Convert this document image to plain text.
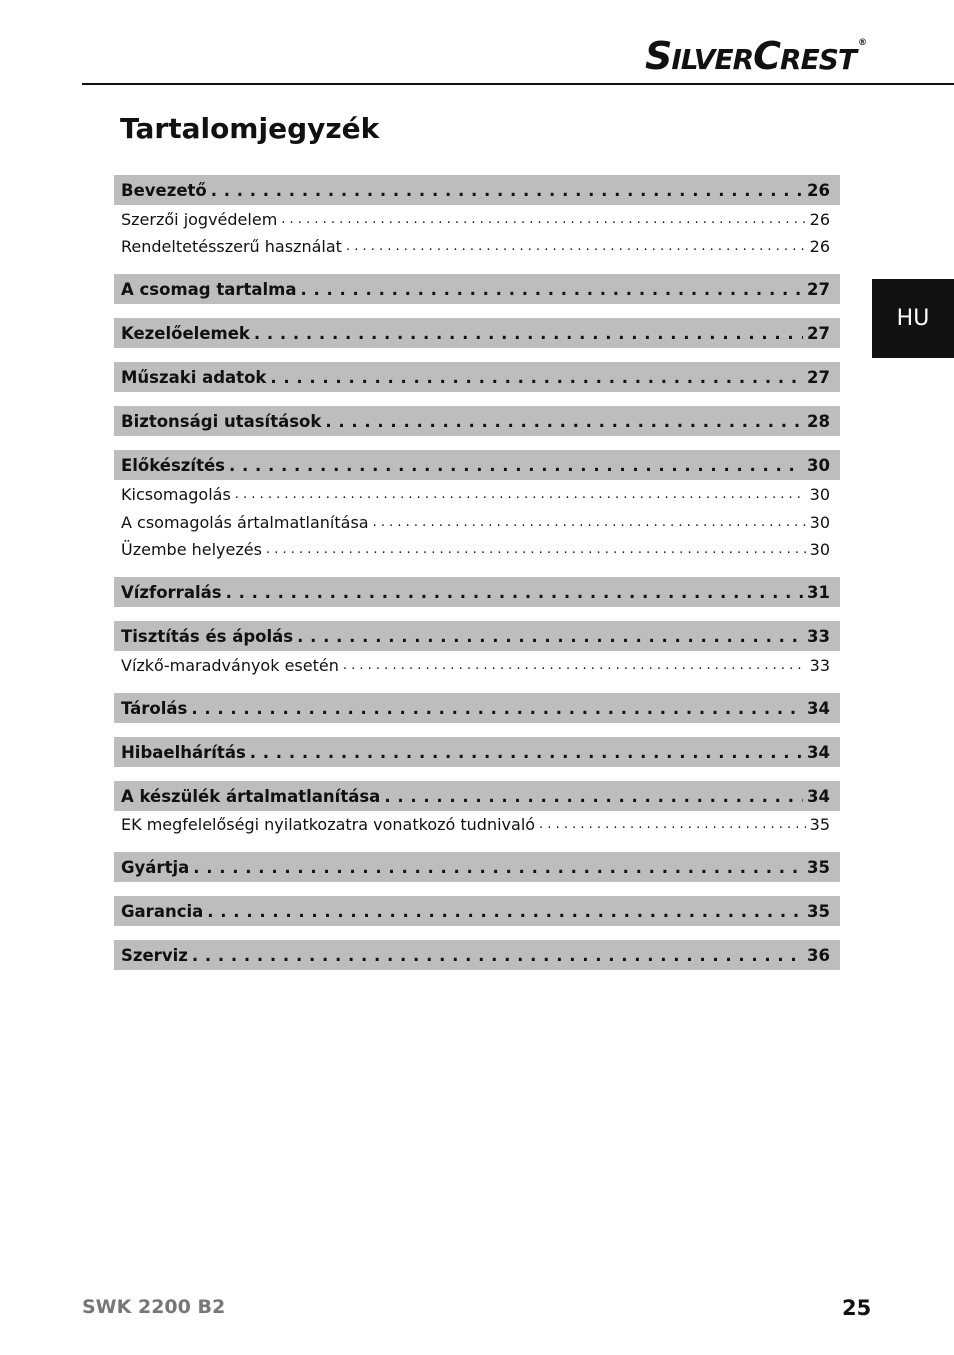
SILVERCREST ®
Tartalomjegyzék
HU
Bevezető . . .	26
Szerzői jogvédelem . . .	26
Rendeltetésszerű használat . . .	26
A csomag tartalma . . .	27
Kezelőelemek . . .	27
Műszaki adatok . . .	27
Biztonsági utasítások . . .	28
Előkészítés . . .	30
Kicsomagolás . . .	30
A csomagolás ártalmatlanítása . . .	30
Üzembe helyezés . . .	30
Vízforralás . . .	31
Tisztítás és ápolás . . .	33
Vízkő-maradványok esetén . . .	33
Tárolás . . .	34
Hibaelhárítás . . .	34
A készülék ártalmatlanítása . . .	34
EK megfelelőségi nyilatkozatra vonatkozó tudnivaló . . .	35
Gyártja . . .	35
Garancia . . .	35
Szerviz . . .	36
SWK 2200 B2	25
